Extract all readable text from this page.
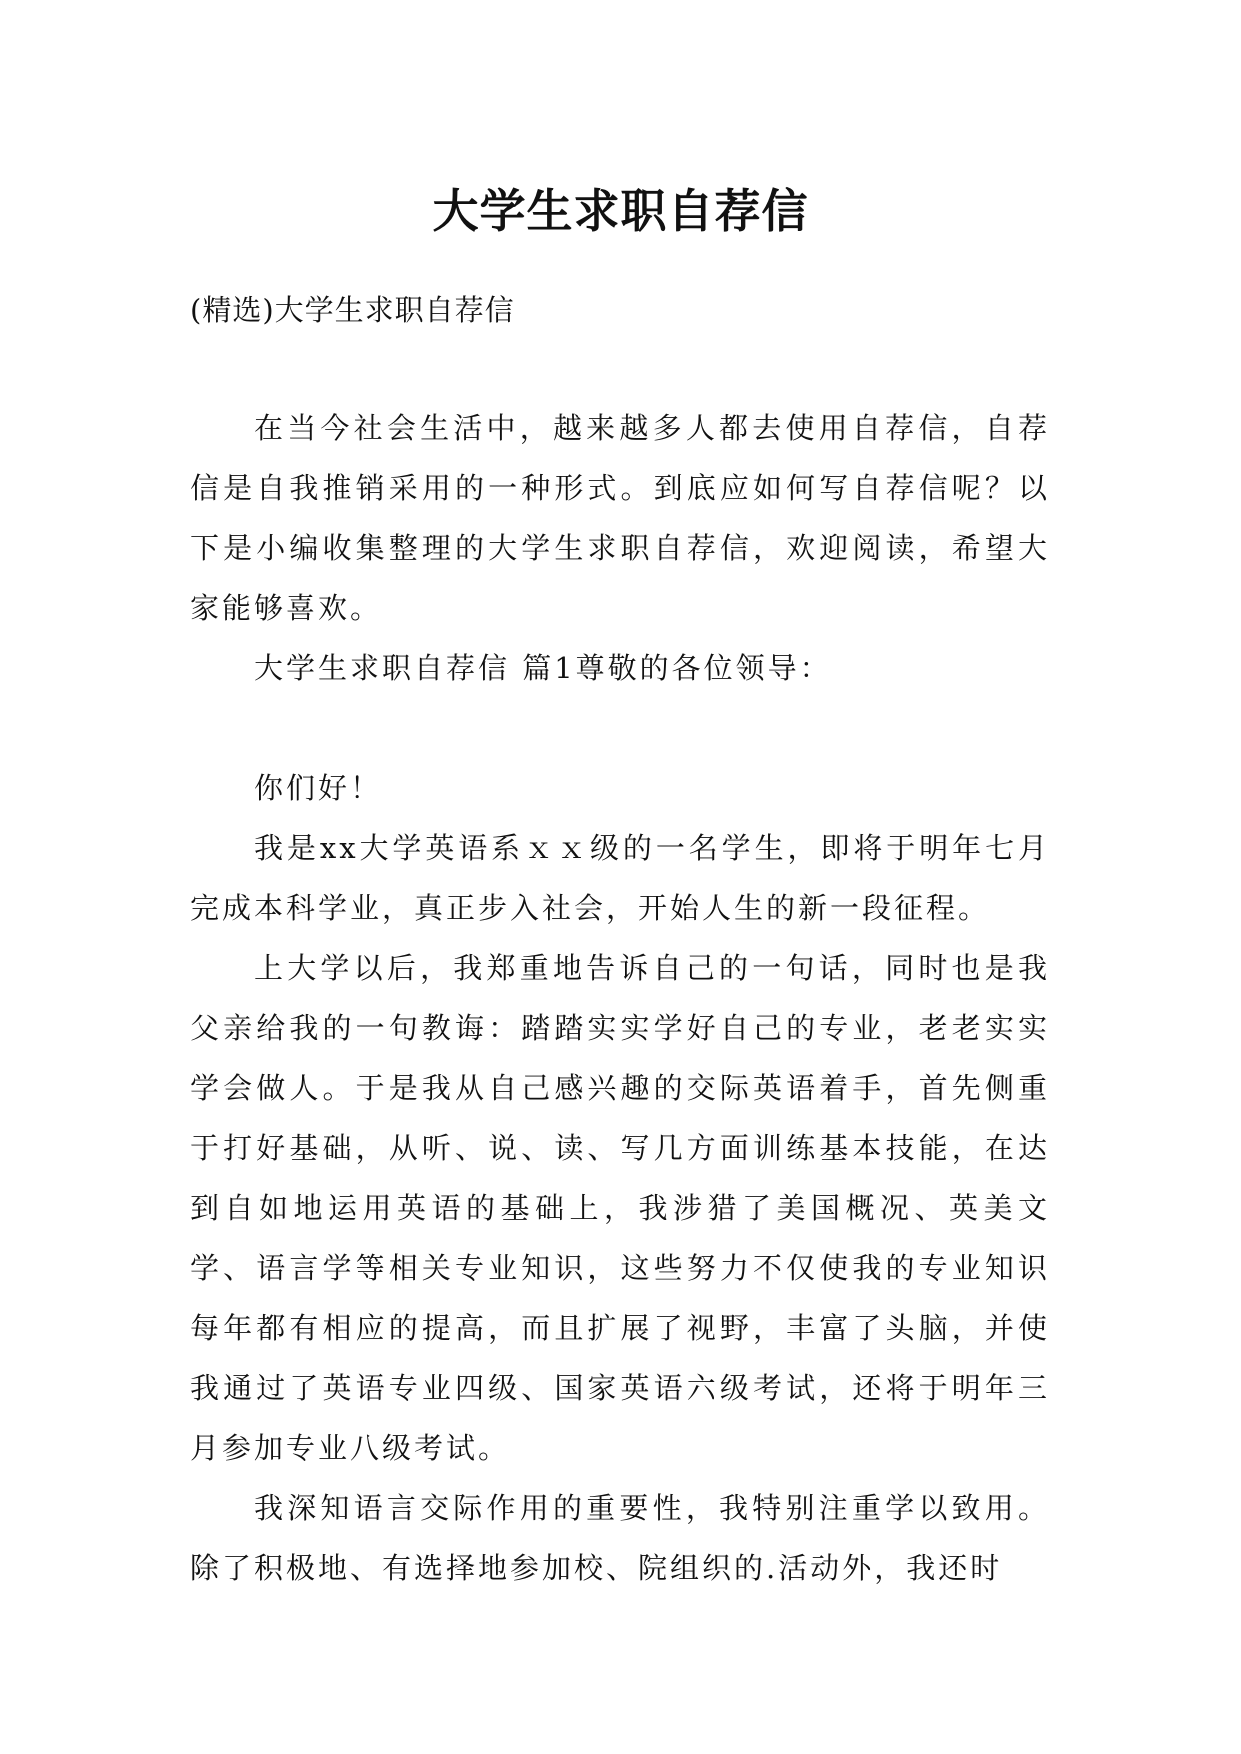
大学生求职自荐信
(精选)大学生求职自荐信

在当今社会生活中，越来越多人都去使用自荐信，自荐信是自我推销采用的一种形式。到底应如何写自荐信呢？以下是小编收集整理的大学生求职自荐信，欢迎阅读，希望大家能够喜欢。

大学生求职自荐信 篇1尊敬的各位领导：

你们好！

我是xx大学英语系ｘｘ级的一名学生，即将于明年七月完成本科学业，真正步入社会，开始人生的新一段征程。

上大学以后，我郑重地告诉自己的一句话，同时也是我父亲给我的一句教诲：踏踏实实学好自己的专业，老老实实学会做人。于是我从自己感兴趣的交际英语着手，首先侧重于打好基础，从听、说、读、写几方面训练基本技能，在达到自如地运用英语的基础上，我涉猎了美国概况、英美文学、语言学等相关专业知识，这些努力不仅使我的专业知识每年都有相应的提高，而且扩展了视野，丰富了头脑，并使我通过了英语专业四级、国家英语六级考试，还将于明年三月参加专业八级考试。

我深知语言交际作用的重要性，我特别注重学以致用。除了积极地、有选择地参加校、院组织的.活动外，我还时
